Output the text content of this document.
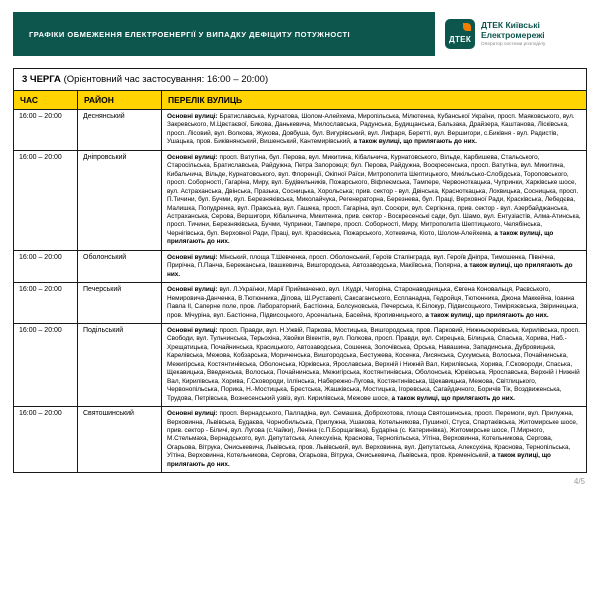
ГРАФІКИ ОБМЕЖЕННЯ ЕЛЕКТРОЕНЕРГІЇ У ВИПАДКУ ДЕФІЦИТУ ПОТУЖНОСТІ
ДТЕК
ДТЕК Київські
Електромережі
Оператор системи розподілу
3 ЧЕРГА (Орієнтовний час застосування: 16:00 – 20:00)		
ЧАС	РАЙОН	ПЕРЕЛІК ВУЛИЦЬ
16:00 – 20:00	Деснянський	Основні вулиці: Братиславська, Курчатова, Шолом-Алейхема, Миропільська, Мілютенка, Кубанської України, просп. Маяковського, вул. Закревського, М.Цвєтаєвої, Бикова, Данькевича, Милославська, Радунська, Будищанська, Бальзака, Драйзера, Каштанова, Лісківська, просп. Лісовий, вул. Волкова, Жукова, Довбуша, бул. Вигурівський, вул. Лифаря, Беретті, вул. Вершигори, с.Биківня - вул. Радистів, Ушацька, пров. Биківнянський, Вишенський, Кантемирівський, а також вулиці, що прилягають до них.
16:00 – 20:00	Дніпровський	Основні вулиці: просп. Ватутіна, бул. Перова, вул. Микитина, Кібальчича, Курнатовського, Вільде, Карбишева, Стальського, Старосільська, Братиславська, Райдужна, Петра Запорожця; бул. Перова, Райдужна, Воскресенська, просп. Ватутіна, вул. Микитина, Кибальчича, Вільде, Курнатовського, вул. Флоренції, Окіпної Раїси, Митрополита Шептицького, Микільсько-Слобідська, Тороповського, просп. Соборності, Гагаріна, Миру, вул. Будівельників, Пожарського, Віфлеємська, Тампере, Червоноткацька, Чупринки, Харківське шосе, вул. Астраханська, Двінська, Празька, Сосницька, Хорольська; прив. сектор - вул. Двінська, Красноткацька, Лохвицька, Сосницька, просп. П.Тичини, бул. Бучми, вул. Березняківська, Миколайчука, Регенераторна, Березнева, бул. Праці, Верховної Ради, Красківська, Лебедєва, Малишка, Попудренка, вул. Пражська, вул. Гашека, просп. Гагаріна, вул. Сосюри, вул. Сергієнка, прив. сектор - вул. Азербайджанська, Астраханська, Серова, Вершигори, Кібальчича, Микитенка, прив. сектор - Воскресенські сади, бул. Шамо, вул. Ентузіастів, Алма-Атинська, просп. Тичини, Березняківська, Бучми, Чупринки, Тампере, просп. Соборності, Миру, Митрополита Шептицького, Челябінська, Чернігівська, бул. Верховної Ради, Праці, вул. Красківська, Пожарського, Хоткевича, Кіото, Шолом-Алейхема, а також вулиці, що прилягають до них.
16:00 – 20:00	Оболонський	Основні вулиці: Мінський, площа Т.Шевченка, просп. Оболонський, Героїв Сталінграда, вул. Героїв Дніпра, Тимошенка, Північна, Прирічна, П.Панча, Бережанська, Івашкевича, Вишгородська, Автозаводська, Макіївська, Полярна, а також вулиці, що прилягають до них.
16:00 – 20:00	Печерський	Основні вулиці: вул. Л.Українки, Марії Приймаченко, вул. І.Кудрі, Чигоріна, Старонаводницька, Євгена Коновальця, Раєвського, Немировича-Данченка, В.Тютюнника, Ділова, Ш.Руставелі, Саксаганського, Еспланадна, Гедройця, Тютюнника, Джона Маккейна, Іоанна Павла ІІ, Саперне поле, пров. Лабораторний, Бастіонна, Болсуновська, Печерська, К.Білокур, Підвисоцького, Тимірязєвська, Звіринецька, пров. Мічуріна, вул. Бастіонна, Підвисоцького, Арсенальна, Басейна, Кропивницького, а також вулиці, що прилягають до них.
16:00 – 20:00	Подільський	Основні вулиці: просп. Правди, вул. Н.Ужвій, Паркова, Мостицька, Вишгородська, пров. Парковий, Нижньоюрківська, Кирилівська, просп. Свободи, вул. Тульчинська, Терьохіна, Хвойки Вікентія, вул. Полкова, просп. Правди, вул. Сирецька, Білицька, Спаська, Хорива, Наб.-Хрещатицька, Почайнинська, Красицького, Автозаводська, Сошенка, Золочівська, Орська, Навашина, Западинська, Дубровицька, Карелівська, Межова, Кобзарська, Мориченська, Вишгородська, Бестужева, Косенка, Лисянська, Сухумська, Волоська, Почайнинська, Межигірська, Костянтинівська, Оболонська, Юрківська, Ярославська, Верхній і Нижній Вал, Кирилівська, Хорива, Г.Сковороди, Спаська, Щекавицька, Введенська, Волоська, Почайнинська, Межигірська, Костянтинівська, Оболонська, Юрківська, Ярославська, Верхній і Нижній Вал, Кирилівська, Хорива, Г.Сковороди, Іллінська, Набережно-Лугова, Костянтинівська, Щекавицька, Межова, Світлицького, Червонопільська, Порика, Н.-Мостицька, Брестська, Жашківська, Мостицька, Ігоревська, Сагайдачного, Боричів Тік, Воздвиженська, Трудова, Петрівська, Вознесенський узвіз, вул. Кирилівська, Межове шосе, а також вулиці, що прилягають до них.
16:00 – 20:00	Святошинський	Основні вулиці: просп. Вернадського, Палладіна, вул. Семашка, Доброхотова, площа Святошинська, просп. Перемоги, вул. Прилужна, Верховинна, Львівська, Будаєва, Чорнобильська, Прилужна, Ушакова, Котельникова, Пушиної, Стуса, Спартаківська, Житомирське шосе, прив. сектор - Біличі, вул. Лугова (с.Чайки), Леніна (с.П.Борщагівка), Бударіна (с. Катеринівка), Житомирське шосе, П.Мирного, М.Стельмаха, Вернадського, вул. Депутатська, Алексухіна, Краснова, Тернопільська, Уїтіна, Верховинна, Котельникова, Сергова, Огарьова, Вітрука, Ониськевича, Львівська, пров. Львівський, вул. Верховинна, вул. Депутатська, Алексухіна, Краснова, Тернопільська, Уїтіна, Верховинна, Котельникова, Сергова, Огарьова, Вітрука, Ониськевича, Львівська, пров. Кременіський, а також вулиці, що прилягають до них.
4/5
